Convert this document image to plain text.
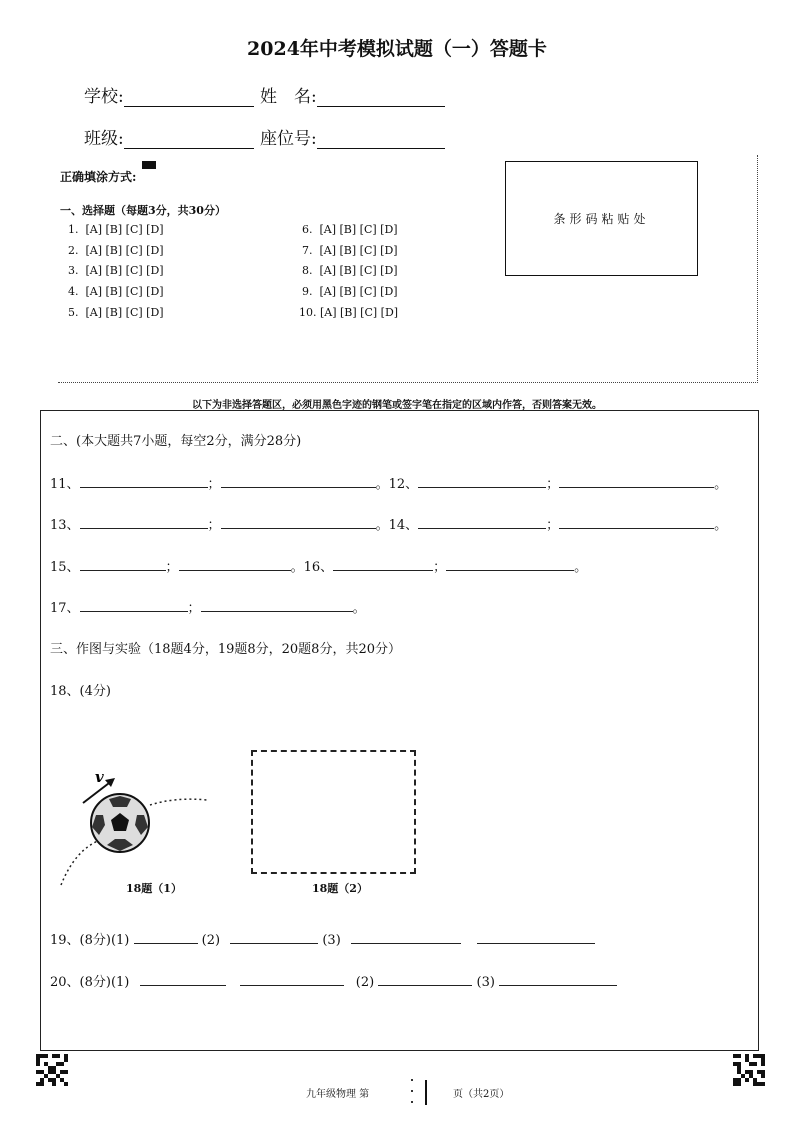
2024年中考模拟试题（一）答题卡
学校:	姓　名:
班级:	座位号:
正确填涂方式:
条形码粘贴处
一、选择题（每题3分，共30分）
1.  [A] [B] [C] [D]
2.  [A] [B] [C] [D]
3.  [A] [B] [C] [D]
4.  [A] [B] [C] [D]
5.  [A] [B] [C] [D]
6.  [A] [B] [C] [D]
7.  [A] [B] [C] [D]
8.  [A] [B] [C] [D]
9.  [A] [B] [C] [D]
10. [A] [B] [C] [D]
以下为非选择答题区，必须用黑色字迹的钢笔或签字笔在指定的区域内作答，否则答案无效。
二、(本大题共7小题，每空2分，满分28分)
11、	；	。12、	；	。
13、	；	。14、	；	。
15、	；	。16、	；	。
17、	；	。
三、作图与实验（18题4分，19题8分，20题8分，共20分）
18、(4分)
v
18题（1）	18题（2）
19、(8分)(1)	(2)	(3)
20、(8分)(1)	(2)	(3)
九年级物理 第	页（共2页）
